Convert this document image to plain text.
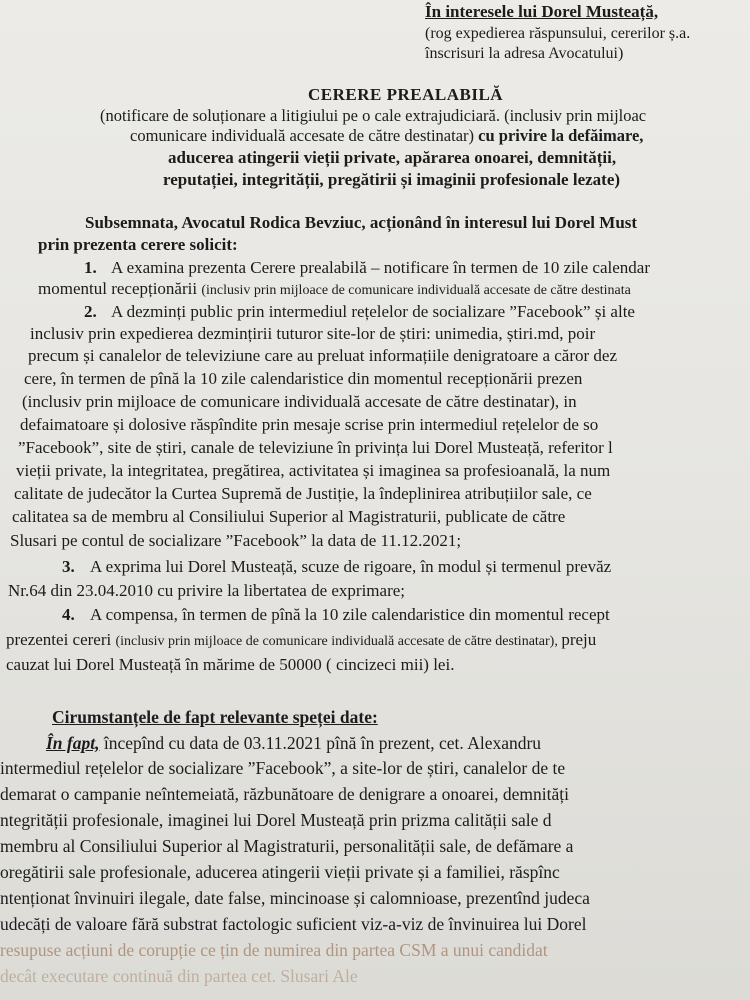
În interesele lui Dorel Musteață,
(rog expedierea răspunsului, cererilor ș.a.
înscrisuri la adresa Avocatului)
CERERE PREALABILĂ
(notificare de soluționare a litigiului pe o cale extrajudiciară. (inclusiv prin mijloac
comunicare individuală accesate de către destinatar) cu privire la defăimare,
aducerea atingerii vieții private, apărarea onoarei, demnității,
reputației, integrității, pregătirii și imaginii profesionale lezate)
Subsemnata, Avocatul Rodica Bevziuc, acționând în interesul lui Dorel Must
prin prezenta cerere solicit:
1. A examina prezenta Cerere prealabilă – notificare în termen de 10 zile calendar
momentul recepționării (inclusiv prin mijloace de comunicare individuală accesate de către destinata
2. A dezminți public prin intermediul rețelelor de socializare ”Facebook” și alte
inclusiv prin expedierea dezmințirii tuturor site-lor de știri: unimedia, știri.md, poir
precum și canalelor de televiziune care au preluat informațiile denigratoare a căror dez
cere, în termen de pînă la 10 zile calendaristice din momentul recepționării prezen
(inclusiv prin mijloace de comunicare individuală accesate de către destinatar), in
defaimatoare și dolosive răspîndite prin mesaje scrise prin intermediul rețelelor de so
”Facebook”, site de știri, canale de televiziune în privința lui Dorel Musteață, referitor l
vieții private, la integritatea, pregătirea, activitatea și imaginea sa profesioanală, la num
calitate de judecător la Curtea Supremă de Justiție, la îndeplinirea atribuțiilor sale, ce
calitatea sa de membru al Consiliului Superior al Magistraturii, publicate de către
Slusari pe contul de socializare ”Facebook” la data de 11.12.2021;
3. A exprima lui Dorel Musteață, scuze de rigoare, în modul și termenul prevăz
Nr.64 din 23.04.2010 cu privire la libertatea de exprimare;
4. A compensa, în termen de pînă la 10 zile calendaristice din momentul recept
prezentei cereri (inclusiv prin mijloace de comunicare individuală accesate de către destinatar), preju
cauzat lui Dorel Musteață în mărime de 50000 ( cincizeci mii) lei.
Cirumstanțele de fapt relevante speței date:
În fapt, începînd cu data de 03.11.2021 pînă în prezent, cet. Alexandru
intermediul rețelelor de socializare ”Facebook”, a site-lor de știri, canalelor de te
demarat o campanie neîntemeiată, răzbunătoare de denigrare a onoarei, demnități
ntegrității profesionale, imaginei lui Dorel Musteață prin prizma calității sale d
membru al Consiliului Superior al Magistraturii, personalității sale, de defămare a
oregătirii sale profesionale, aducerea atingerii vieții private și a familiei, răspînc
ntenționat învinuiri ilegale, date false, mincinoase și calomnioase, prezentînd judeca
udecăți de valoare fără substrat factologic suficient viz-a-viz de învinuirea lui Dorel
resupuse acțiuni de corupție ce țin de numirea din partea CSM a unui candidat
decât executare continuă din partea cet. Slusari Ale
